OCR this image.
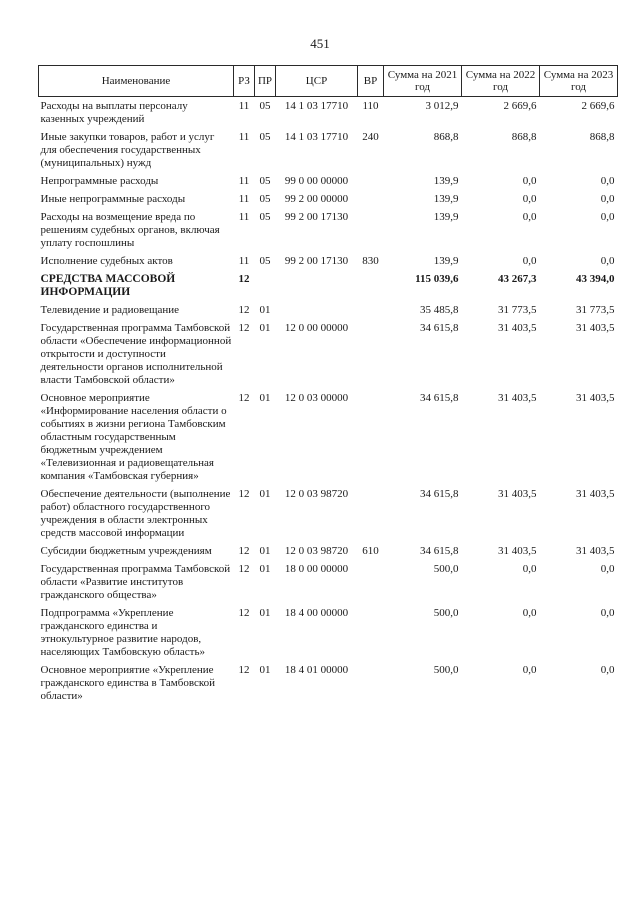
451
Наименование	РЗ	ПР	ЦСР	ВР	Сумма на 2021 год	Сумма на 2022 год	Сумма на 2023 год
Расходы на выплаты персоналу казенных учреждений	11	05	14 1 03 17710	110	3 012,9	2 669,6	2 669,6
Иные закупки товаров, работ и услуг для обеспечения государственных (муниципальных) нужд	11	05	14 1 03 17710	240	868,8	868,8	868,8
Непрограммные расходы	11	05	99 0 00 00000		139,9	0,0	0,0
Иные непрограммные расходы	11	05	99 2 00 00000		139,9	0,0	0,0
Расходы на возмещение вреда по решениям судебных органов, включая уплату госпошлины	11	05	99 2 00 17130		139,9	0,0	0,0
Исполнение судебных актов	11	05	99 2 00 17130	830	139,9	0,0	0,0
СРЕДСТВА МАССОВОЙ ИНФОРМАЦИИ	12				115 039,6	43 267,3	43 394,0
Телевидение и радиовещание	12	01			35 485,8	31 773,5	31 773,5
Государственная программа Тамбовской области «Обеспечение информационной открытости и доступности деятельности органов исполнительной власти Тамбовской области»	12	01	12 0 00 00000		34 615,8	31 403,5	31 403,5
Основное мероприятие «Информирование населения области о событиях в жизни региона Тамбовским областным государственным бюджетным учреждением «Телевизионная и радиовещательная компания «Тамбовская губерния»	12	01	12 0 03 00000		34 615,8	31 403,5	31 403,5
Обеспечение деятельности (выполнение работ) областного государственного учреждения в области электронных средств массовой информации	12	01	12 0 03 98720		34 615,8	31 403,5	31 403,5
Субсидии бюджетным учреждениям	12	01	12 0 03 98720	610	34 615,8	31 403,5	31 403,5
Государственная программа Тамбовской области «Развитие институтов гражданского общества»	12	01	18 0 00 00000		500,0	0,0	0,0
Подпрограмма «Укрепление гражданского единства и этнокультурное развитие народов, населяющих Тамбовскую область»	12	01	18 4 00 00000		500,0	0,0	0,0
Основное мероприятие «Укрепление гражданского единства в Тамбовской области»	12	01	18 4 01 00000		500,0	0,0	0,0
